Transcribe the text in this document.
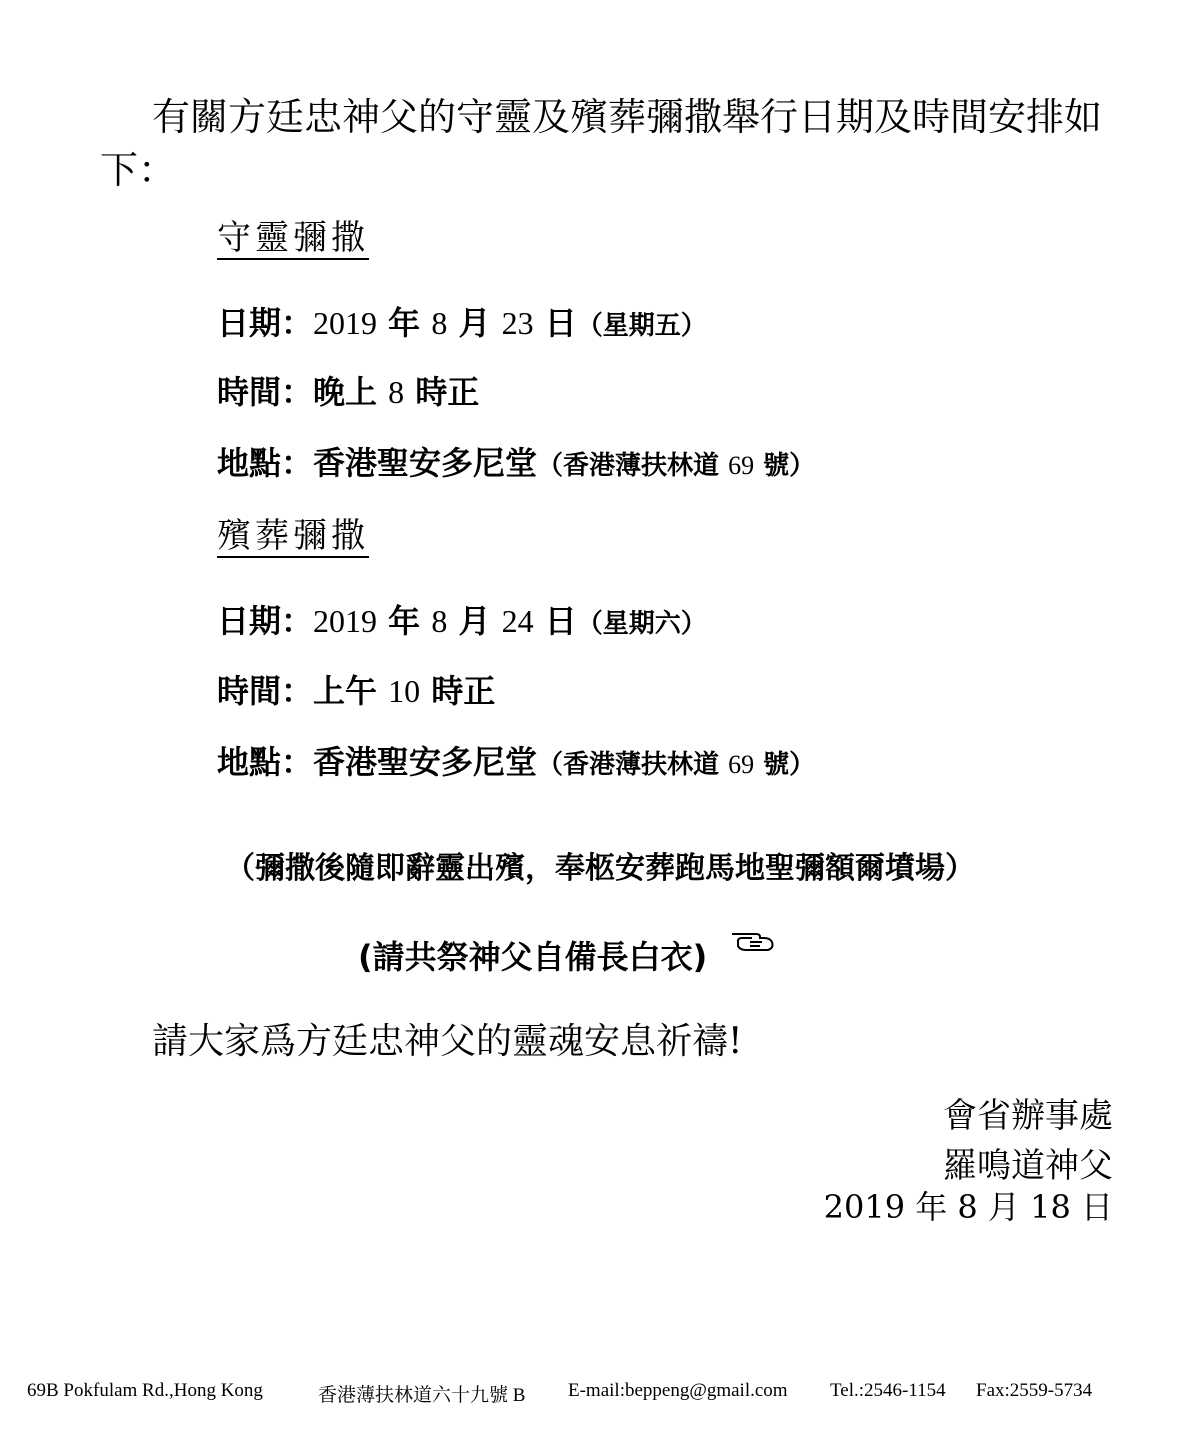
有關方廷忠神父的守靈及殯葬彌撒舉行日期及時間安排如
下：
守靈彌撒
日期：2019 年 8 月 23 日（星期五）
時間：晚上 8 時正
地點：香港聖安多尼堂（香港薄扶林道 69 號）
殯葬彌撒
日期：2019 年 8 月 24 日（星期六）
時間：上午 10 時正
地點：香港聖安多尼堂（香港薄扶林道 69 號）
（彌撒後隨即辭靈出殯，奉柩安葬跑馬地聖彌額爾墳場）
(請共祭神父自備長白衣)
請大家爲方廷忠神父的靈魂安息祈禱!
會省辦事處
羅鳴道神父
2019 年 8 月 18 日
69B Pokfulam Rd.,Hong Kong	香港薄扶林道六十九號 B E-mail:beppeng@gmail.com Tel.:2546-1154 Fax:2559-5734
